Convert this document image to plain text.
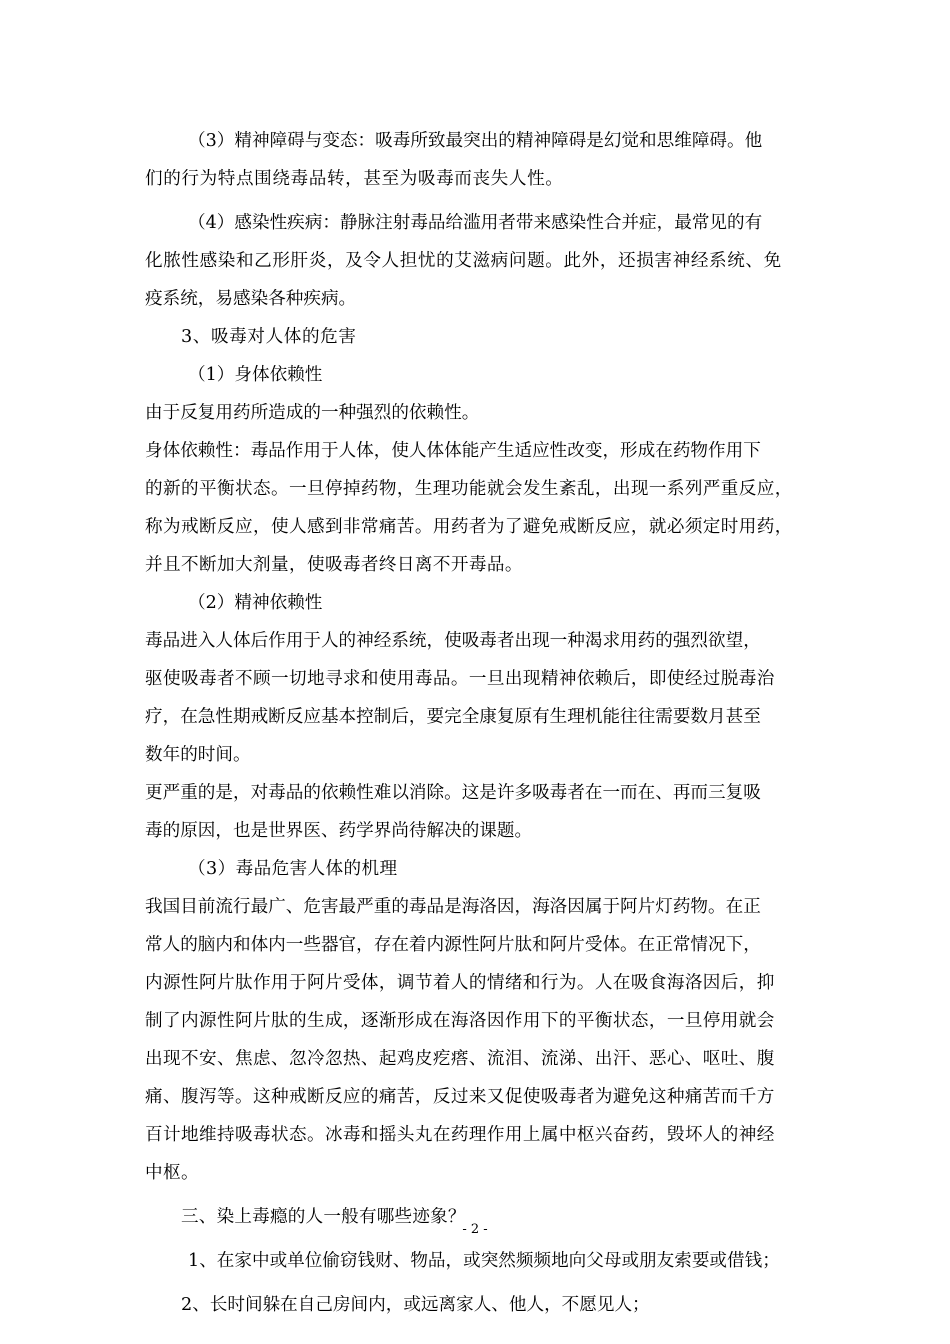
（3）精神障碍与变态：吸毒所致最突出的精神障碍是幻觉和思维障碍。他
们的行为特点围绕毒品转，甚至为吸毒而丧失人性。
（4）感染性疾病：静脉注射毒品给滥用者带来感染性合并症，最常见的有
化脓性感染和乙形肝炎，及令人担忧的艾滋病问题。此外，还损害神经系统、免
疫系统，易感染各种疾病。
3、吸毒对人体的危害
（1）身体依赖性
由于反复用药所造成的一种强烈的依赖性。
身体依赖性：毒品作用于人体，使人体体能产生适应性改变，形成在药物作用下
的新的平衡状态。一旦停掉药物，生理功能就会发生紊乱，出现一系列严重反应，
称为戒断反应，使人感到非常痛苦。用药者为了避免戒断反应，就必须定时用药，
并且不断加大剂量，使吸毒者终日离不开毒品。
（2）精神依赖性
毒品进入人体后作用于人的神经系统，使吸毒者出现一种渴求用药的强烈欲望，
驱使吸毒者不顾一切地寻求和使用毒品。一旦出现精神依赖后，即使经过脱毒治
疗，在急性期戒断反应基本控制后，要完全康复原有生理机能往往需要数月甚至
数年的时间。
更严重的是，对毒品的依赖性难以消除。这是许多吸毒者在一而在、再而三复吸
毒的原因，也是世界医、药学界尚待解决的课题。
（3）毒品危害人体的机理
我国目前流行最广、危害最严重的毒品是海洛因，海洛因属于阿片灯药物。在正
常人的脑内和体内一些器官，存在着内源性阿片肽和阿片受体。在正常情况下，
内源性阿片肽作用于阿片受体，调节着人的情绪和行为。人在吸食海洛因后，抑
制了内源性阿片肽的生成，逐渐形成在海洛因作用下的平衡状态，一旦停用就会
出现不安、焦虑、忽冷忽热、起鸡皮疙瘩、流泪、流涕、出汗、恶心、呕吐、腹
痛、腹泻等。这种戒断反应的痛苦，反过来又促使吸毒者为避免这种痛苦而千方
百计地维持吸毒状态。冰毒和摇头丸在药理作用上属中枢兴奋药，毁坏人的神经
中枢。
三、染上毒瘾的人一般有哪些迹象？
1、在家中或单位偷窃钱财、物品，或突然频频地向父母或朋友索要或借钱；
2、长时间躲在自己房间内，或远离家人、他人，不愿见人；
- 2 -
